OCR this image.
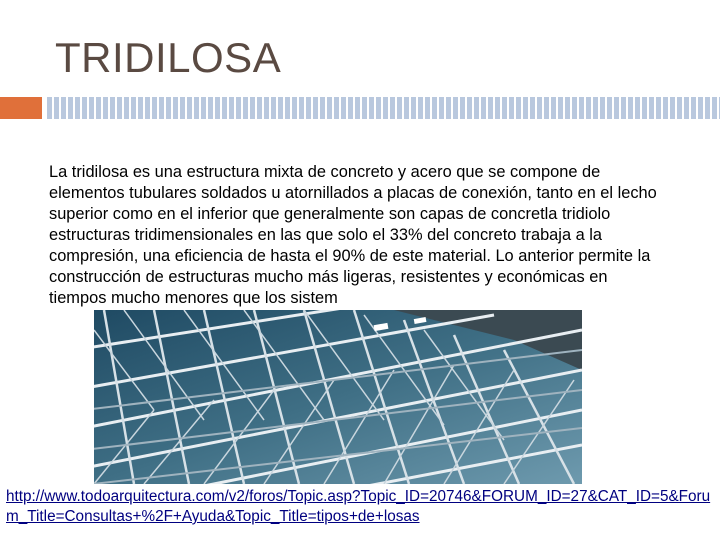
TRIDILOSA

La tridilosa es una estructura mixta de concreto y acero que se compone de elementos tubulares soldados u atornillados a placas de conexión, tanto en el lecho superior como en el inferior que generalmente son capas de concretla tridiolo estructuras tridimensionales en las que solo el 33% del concreto trabaja a la compresión, una eficiencia de hasta el 90% de este material. Lo anterior permite la construcción de estructuras mucho más ligeras, resistentes y económicas en tiempos mucho menores que los sistem

http://www.todoarquitectura.com/v2/foros/Topic.asp?Topic_ID=20746&FORUM_ID=27&CAT_ID=5&Forum_Title=Consultas+%2F+Ayuda&Topic_Title=tipos+de+losas
